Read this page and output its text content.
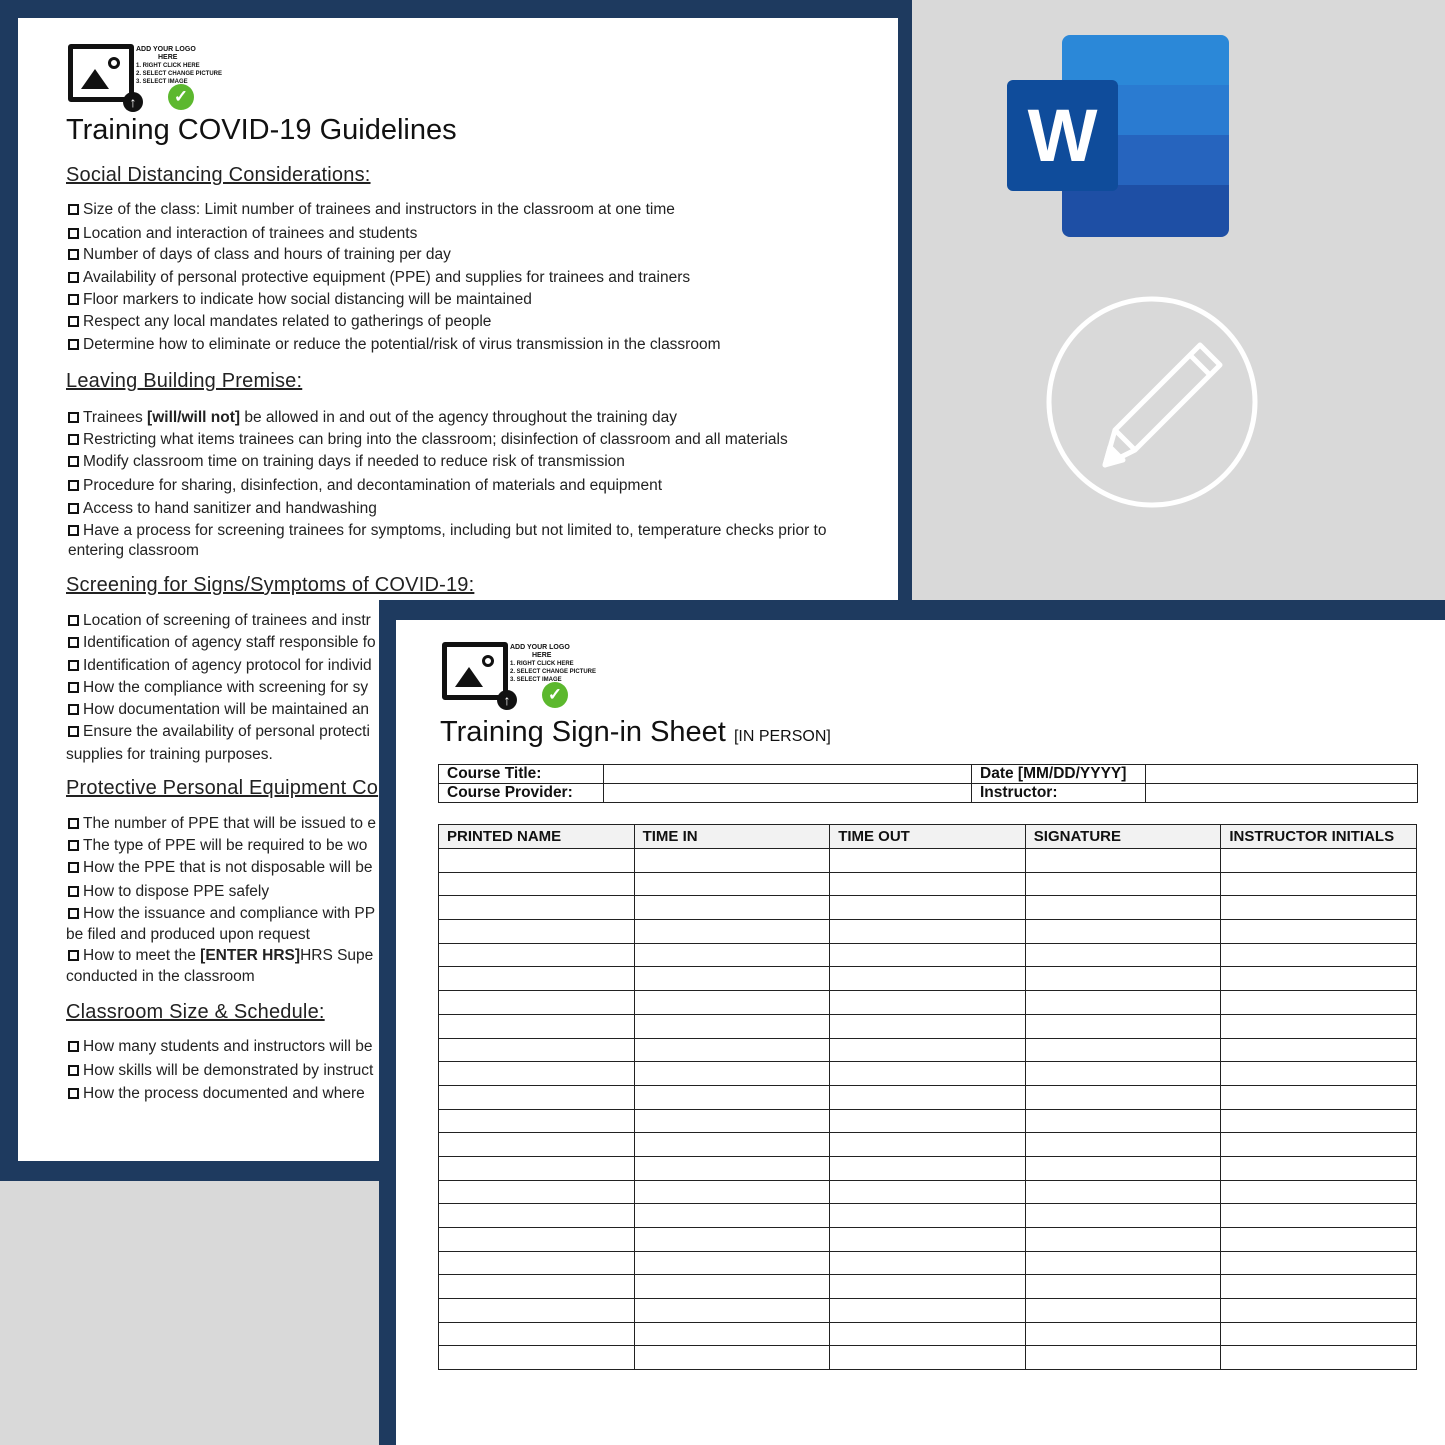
↑	✓
ADD YOUR LOGO
HERE
1. RIGHT CLICK HERE
2. SELECT CHANGE PICTURE
3. SELECT IMAGE
Training COVID-19 Guidelines
Social Distancing Considerations:
Size of the class: Limit number of trainees and instructors in the classroom at one time
Location and interaction of trainees and students
Number of days of class and hours of training per day
Availability of personal protective equipment (PPE) and supplies for trainees and trainers
Floor markers to indicate how social distancing will be maintained
Respect any local mandates related to gatherings of people
Determine how to eliminate or reduce the potential/risk of virus transmission in the classroom
Leaving Building Premise:
Trainees [will/will not] be allowed in and out of the agency throughout the training day
Restricting what items trainees can bring into the classroom; disinfection of classroom and all materials
Modify classroom time on training days if needed to reduce risk of transmission
Procedure for sharing, disinfection, and decontamination of materials and equipment
Access to hand sanitizer and handwashing
Have a process for screening trainees for symptoms, including but not limited to, temperature checks prior to entering classroom
Screening for Signs/Symptoms of COVID-19:
Location of screening of trainees and instr
Identification of agency staff responsible fo
Identification of agency protocol for individ
How the compliance with screening for sy
How documentation will be maintained an
Ensure the availability of personal protecti
supplies for training purposes.
Protective Personal Equipment Co
The number of PPE that will be issued to e
The type of PPE will be required to be wo
How the PPE that is not disposable will be
How to dispose PPE safely
How the issuance and compliance with PP
be filed and produced upon request
How to meet the [ENTER HRS]HRS Supe
conducted in the classroom
Classroom Size & Schedule:
How many students and instructors will be
How skills will be demonstrated by instruct
How the process documented and where
W
↑	✓
ADD YOUR LOGO
HERE
1. RIGHT CLICK HERE
2. SELECT CHANGE PICTURE
3. SELECT IMAGE
Training Sign-in Sheet [IN PERSON]
Course Title:		Date [MM/DD/YYYY]	
Course Provider:		Instructor:	
PRINTED NAME	TIME IN	TIME OUT	SIGNATURE	INSTRUCTOR INITIALS
